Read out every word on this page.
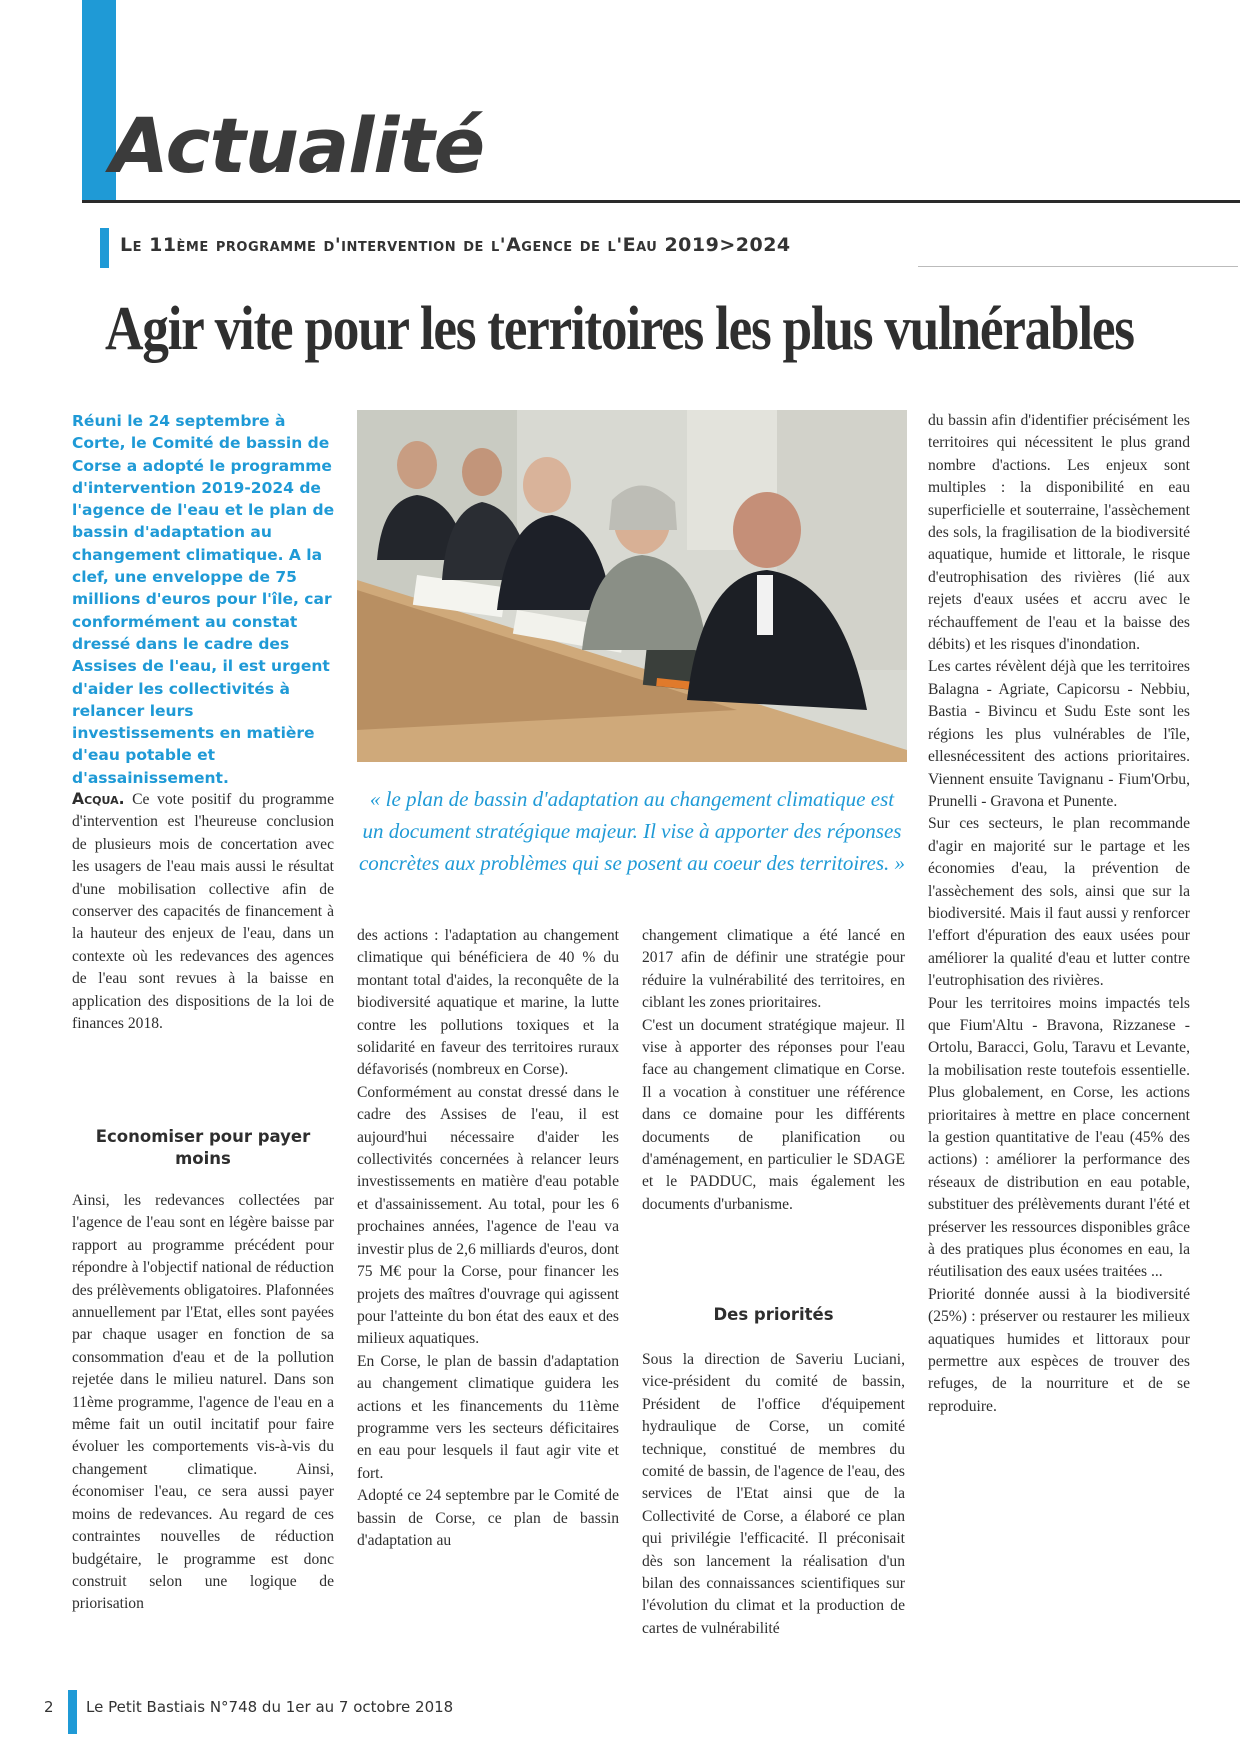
Actualité
Le 11ème programme d'intervention de l'Agence de l'Eau 2019>2024
Agir vite pour les territoires les plus vulnérables
Réuni le 24 septembre à Corte, le Comité de bassin de Corse a adopté le programme d'intervention 2019-2024 de l'agence de l'eau et le plan de bassin d'adaptation au changement climatique. A la clef, une enveloppe de 75 millions d'euros pour l'île, car conformément au constat dressé dans le cadre des Assises de l'eau, il est urgent d'aider les collectivités à relancer leurs investissements en matière d'eau potable et d'assainissement.
« le plan de bassin d'adaptation au changement climatique est un document stratégique majeur. Il vise à apporter des réponses concrètes aux problèmes qui se posent au coeur des territoires. »

Acqua. Ce vote positif du programme d'intervention est l'heureuse conclusion de plusieurs mois de concertation avec les usagers de l'eau mais aussi le résultat d'une mobilisation collective afin de conserver des capacités de financement à la hauteur des enjeux de l'eau, dans un contexte où les redevances des agences de l'eau sont revues à la baisse en application des dispositions de la loi de finances 2018.

Economiser pour payer moins

Ainsi, les redevances collectées par l'agence de l'eau sont en légère baisse par rapport au programme précédent pour répondre à l'objectif national de réduction des prélèvements obligatoires. Plafonnées annuellement par l'Etat, elles sont payées par chaque usager en fonction de sa consommation d'eau et de la pollution rejetée dans le milieu naturel. Dans son 11ème programme, l'agence de l'eau en a même fait un outil incitatif pour faire évoluer les comportements vis-à-vis du changement climatique. Ainsi, économiser l'eau, ce sera aussi payer moins de redevances. Au regard de ces contraintes nouvelles de réduction budgétaire, le programme est donc construit selon une logique de priorisation

des actions : l'adaptation au changement climatique qui bénéficiera de 40 % du montant total d'aides, la reconquête de la biodiversité aquatique et marine, la lutte contre les pollutions toxiques et la solidarité en faveur des territoires ruraux défavorisés (nombreux en Corse).

Conformément au constat dressé dans le cadre des Assises de l'eau, il est aujourd'hui nécessaire d'aider les collectivités concernées à relancer leurs investissements en matière d'eau potable et d'assainissement. Au total, pour les 6 prochaines années, l'agence de l'eau va investir plus de 2,6 milliards d'euros, dont 75 M€ pour la Corse, pour financer les projets des maîtres d'ouvrage qui agissent pour l'atteinte du bon état des eaux et des milieux aquatiques.

En Corse, le plan de bassin d'adaptation au changement climatique guidera les actions et les financements du 11ème programme vers les secteurs déficitaires en eau pour lesquels il faut agir vite et fort.

Adopté ce 24 septembre par le Comité de bassin de Corse, ce plan de bassin d'adaptation au

changement climatique a été lancé en 2017 afin de définir une stratégie pour réduire la vulnérabilité des territoires, en ciblant les zones prioritaires.

C'est un document stratégique majeur. Il vise à apporter des réponses pour l'eau face au changement climatique en Corse. Il a vocation à constituer une référence dans ce domaine pour les différents documents de planification ou d'aménagement, en particulier le SDAGE et le PADDUC, mais également les documents d'urbanisme.

Des priorités

Sous la direction de Saveriu Luciani, vice-président du comité de bassin, Président de l'office d'équipement hydraulique de Corse, un comité technique, constitué de membres du comité de bassin, de l'agence de l'eau, des services de l'Etat ainsi que de la Collectivité de Corse, a élaboré ce plan qui privilégie l'efficacité. Il préconisait dès son lancement la réalisation d'un bilan des connaissances scientifiques sur l'évolution du climat et la production de cartes de vulnérabilité

du bassin afin d'identifier précisément les territoires qui nécessitent le plus grand nombre d'actions. Les enjeux sont multiples : la disponibilité en eau superficielle et souterraine, l'assèchement des sols, la fragilisation de la biodiversité aquatique, humide et littorale, le risque d'eutrophisation des rivières (lié aux rejets d'eaux usées et accru avec le réchauffement de l'eau et la baisse des débits) et les risques d'inondation.

Les cartes révèlent déjà que les territoires Balagna - Agriate, Capicorsu - Nebbiu, Bastia - Bivincu et Sudu Este sont les régions les plus vulnérables de l'île, ellesnécessitent des actions prioritaires. Viennent ensuite Tavignanu - Fium'Orbu, Prunelli - Gravona et Punente.

Sur ces secteurs, le plan recommande d'agir en majorité sur le partage et les économies d'eau, la prévention de l'assèchement des sols, ainsi que sur la biodiversité. Mais il faut aussi y renforcer l'effort d'épuration des eaux usées pour améliorer la qualité d'eau et lutter contre l'eutrophisation des rivières.

Pour les territoires moins impactés tels que Fium'Altu - Bravona, Rizzanese - Ortolu, Baracci, Golu, Taravu et Levante, la mobilisation reste toutefois essentielle. Plus globalement, en Corse, les actions prioritaires à mettre en place concernent la gestion quantitative de l'eau (45% des actions) : améliorer la performance des réseaux de distribution en eau potable, substituer des prélèvements durant l'été et préserver les ressources disponibles grâce à des pratiques plus économes en eau, la réutilisation des eaux usées traitées ...

Priorité donnée aussi à la biodiversité (25%) : préserver ou restaurer les milieux aquatiques humides et littoraux pour permettre aux espèces de trouver des refuges, de la nourriture et de se reproduire.

2 Le Petit Bastiais N°748 du 1er au 7 octobre 2018
